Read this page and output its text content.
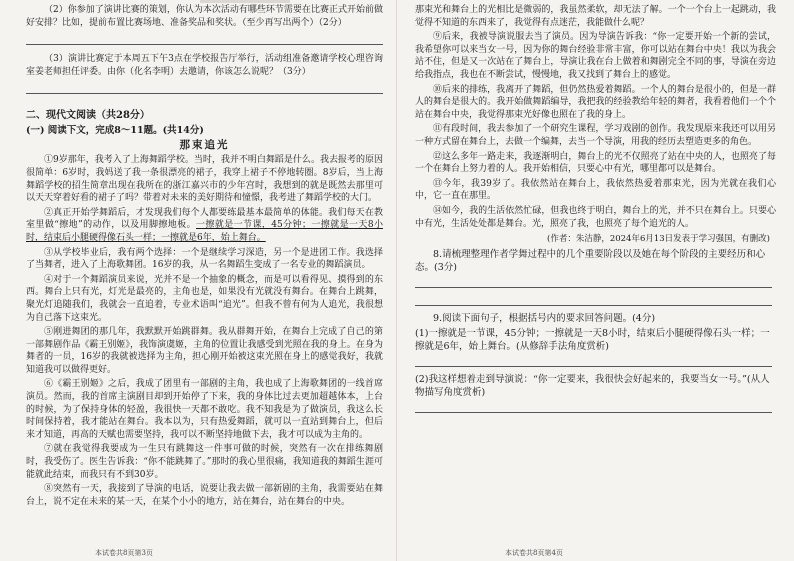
（2）你参加了演讲比赛的策划，你认为本次活动有哪些环节需要在比赛正式开始前做好安排？比如，提前布置比赛场地、准备奖品和奖状。（至少再写出两个）（2分）

（3）演讲比赛定于本周五下午3点在学校报告厅举行，活动组准备邀请学校心理咨询室姜老师担任评委。由你（化名李明）去邀请，你该怎么说呢？（3分）

二、现代文阅读（共28分）
(一) 阅读下文，完成8～11题。(共14分)
那束追光

①9岁那年，我考入了上海舞蹈学校。当时，我并不明白舞蹈是什么。我去报考的原因很简单：6岁时，我妈送了我一条很漂亮的裙子，我穿上裙子不停地转圈。8岁后，当上海舞蹈学校的招生简章出现在我所在的浙江嘉兴市的少年宫时，我想到的就是既然去那里可以天天穿着好看的裙子了吗？带着对未来的美好期待和憧憬，我考进了舞蹈学校的大门。

②真正开始学舞蹈后，才发现我们每个人都要练最基本最简单的体能。我们每天在教室里做“擦地”的动作，以及用脚擦地板。一擦就是一节课，45分钟；一擦就是一天8小时，结束后小腿硬得像石头一样；一擦就是6年，始上舞台。

③从学校毕业后，我有两个选择：一个是继续学习深造，另一个是进团工作。我选择了当舞者，进入了上海歌舞团。16岁的我，从一名舞蹈生变成了一名专业的舞蹈演员。

④对于一个舞蹈演员来说，光并不是一个抽象的概念，而是可以看得见、摸得到的东西。舞台上只有光，灯光是最亮的，主角也是，如果没有光就没有舞台。在舞台上跳舞，聚光灯追随我们，我就会一直追着，专业术语叫“追光”。但我不曾有何为人追光，我很想为自己落下这束光。

⑤刚进舞团的那几年，我默默开始跳群舞。我从群舞开始，在舞台上完成了自己的第一部舞剧作品《霸王别姬》，我饰演虞姬，主角的位置让我感受到光照在我的身上。在身为舞者的一员，16岁的我就被选择为主角，担心刚开始被这束光照在身上的感觉我好，我就知道我可以做得更好。

⑥《霸王别姬》之后，我成了团里有一部剧的主角，我也成了上海歌舞团的一线首席演员。然而，我的首席主演剧目却到开始停了下来，我的身体比过去更加超越体本，上台的时候，为了保持身体的轻盈，我很快一天都不敢吃。我不知我是为了做演员，我这么长时间保持着，我才能站在舞台。我本以为，只有热爱舞蹈，就可以一直站到舞台上，但后来才知道，再高的天赋也需要坚持，我可以不断坚持地做下去，我才可以成为主角的。

⑦就在我觉得我要成为一生只有跳舞这一件事可做的时候，突然有一次在排练舞剧时，我受伤了。医生告诉我：“你不能跳舞了。”那时的我心里很痛，我知道我的舞蹈生涯可能就此结束，而我只有不到30岁。

⑧突然有一天，我接到了导演的电话，说要让我去做一部新剧的主角，我需要站在舞台上，说不定在未来的某一天，在某个小小的地方，站在舞台，站在舞台的中央。

本试卷共8页第3页

那束光和舞台上的光相比是微弱的，我虽然柔软，却无法了解。一个一个台上一起跳动，我觉得不知道的东西来了，我觉得有点迷茫，我能做什么呢？

⑨后来，我被导演说服去当了演员。因为导演告诉我：“你一定要开始一个新的尝试，我希望你可以来当女一号，因为你的舞台经验非常丰富，你可以站在舞台中央！我以为我会站不住，但是又一次站在了舞台上，导演让我在台上做着和舞剧完全不同的事，导演在旁边给我指点，我也在不断尝试，慢慢地，我又找到了舞台上的感觉。

⑩后来的排练，我离开了舞蹈，但仍然热爱着舞蹈。一个人的舞台是很小的，但是一群人的舞台是很大的。我开始做舞蹈编导，我把我的经验教给年轻的舞者，我看着他们一个个站在舞台中央，我觉得那束光好像也照在了我的身上。

⑪有段时间，我去参加了一个研究生课程，学习戏剧的创作。我发现原来我还可以用另一种方式留在舞台上，去做一个编舞，去当一个导演，用我的经历去塑造更多的角色。

⑫这么多年一路走来，我逐渐明白，舞台上的光不仅照亮了站在中央的人，也照亮了每一个在舞台上努力着的人。我开始相信，只要心中有光，哪里都可以是舞台。

⑬今年，我39岁了。我依然站在舞台上，我依然热爱着那束光，因为光就在我们心中，它一直在那里。

⑭如今，我的生活依然忙碌，但我也终于明白，舞台上的光，并不只在舞台上。只要心中有光，生活处处都是舞台。光，照亮了我，也照亮了每个追光的人。

(作者：朱洁静，2024年6月13日发表于学习强国，有删改)

8.请梳理整理作者学舞过程中的几个重要阶段以及她在每个阶段的主要经历和心态。(3分)

9.阅读下面句子，根据括号内的要求回答问题。(4分)

(1)一擦就是一节课，45分钟；一擦就是一天8小时，结束后小腿硬得像石头一样；一擦就是6年，始上舞台。(从修辞手法角度赏析)

(2)我这样想着走到导演说：“你一定要来，我很快会好起来的，我要当女一号。”(从人物描写角度赏析)

本试卷共8页第4页
